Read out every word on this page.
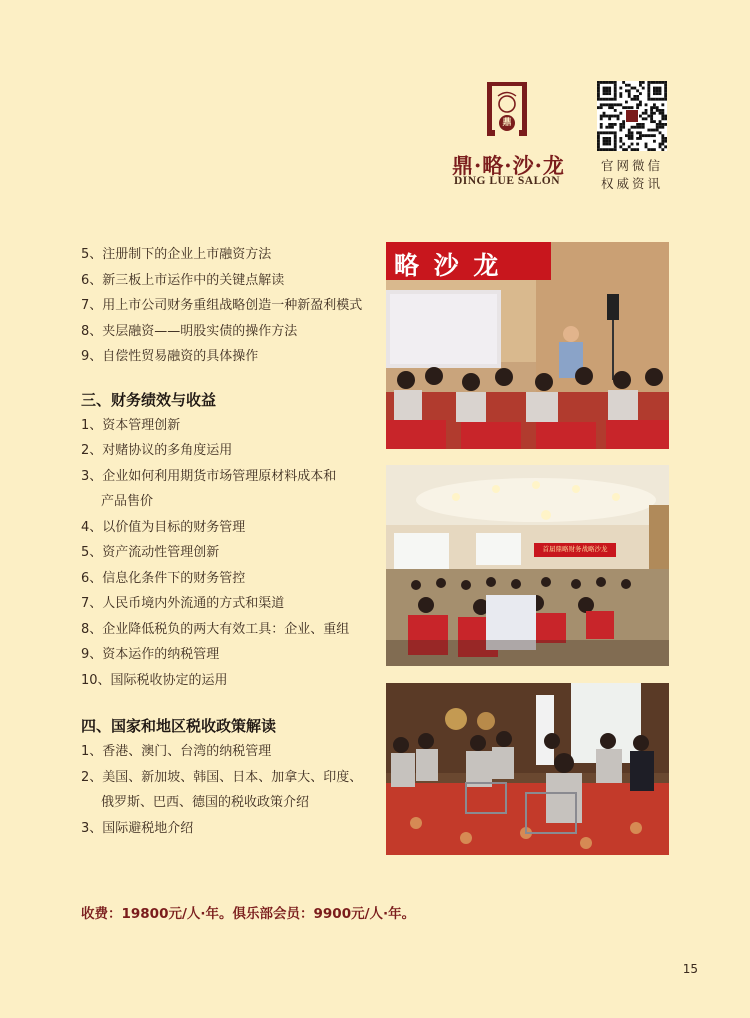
鼎
鼎·略·沙·龙
DING LUE SALON
官网微信
权威资讯
5、注册制下的企业上市融资方法
6、新三板上市运作中的关键点解读
7、用上市公司财务重组战略创造一种新盈利模式
8、夹层融资——明股实债的操作方法
9、自偿性贸易融资的具体操作
三、财务绩效与收益
1、资本管理创新
2、对赌协议的多角度运用
3、企业如何利用期货市场管理原材料成本和
产品售价
4、以价值为目标的财务管理
5、资产流动性管理创新
6、信息化条件下的财务管控
7、人民币境内外流通的方式和渠道
8、企业降低税负的两大有效工具：企业、重组
9、资本运作的纳税管理
10、国际税收协定的运用
四、国家和地区税收政策解读
1、香港、澳门、台湾的纳税管理
2、美国、新加坡、韩国、日本、加拿大、印度、
俄罗斯、巴西、德国的税收政策介绍
3、国际避税地介绍
略 沙 龙
首届鼎略财务战略沙龙
收费：19800元/人·年。俱乐部会员：9900元/人·年。
15
